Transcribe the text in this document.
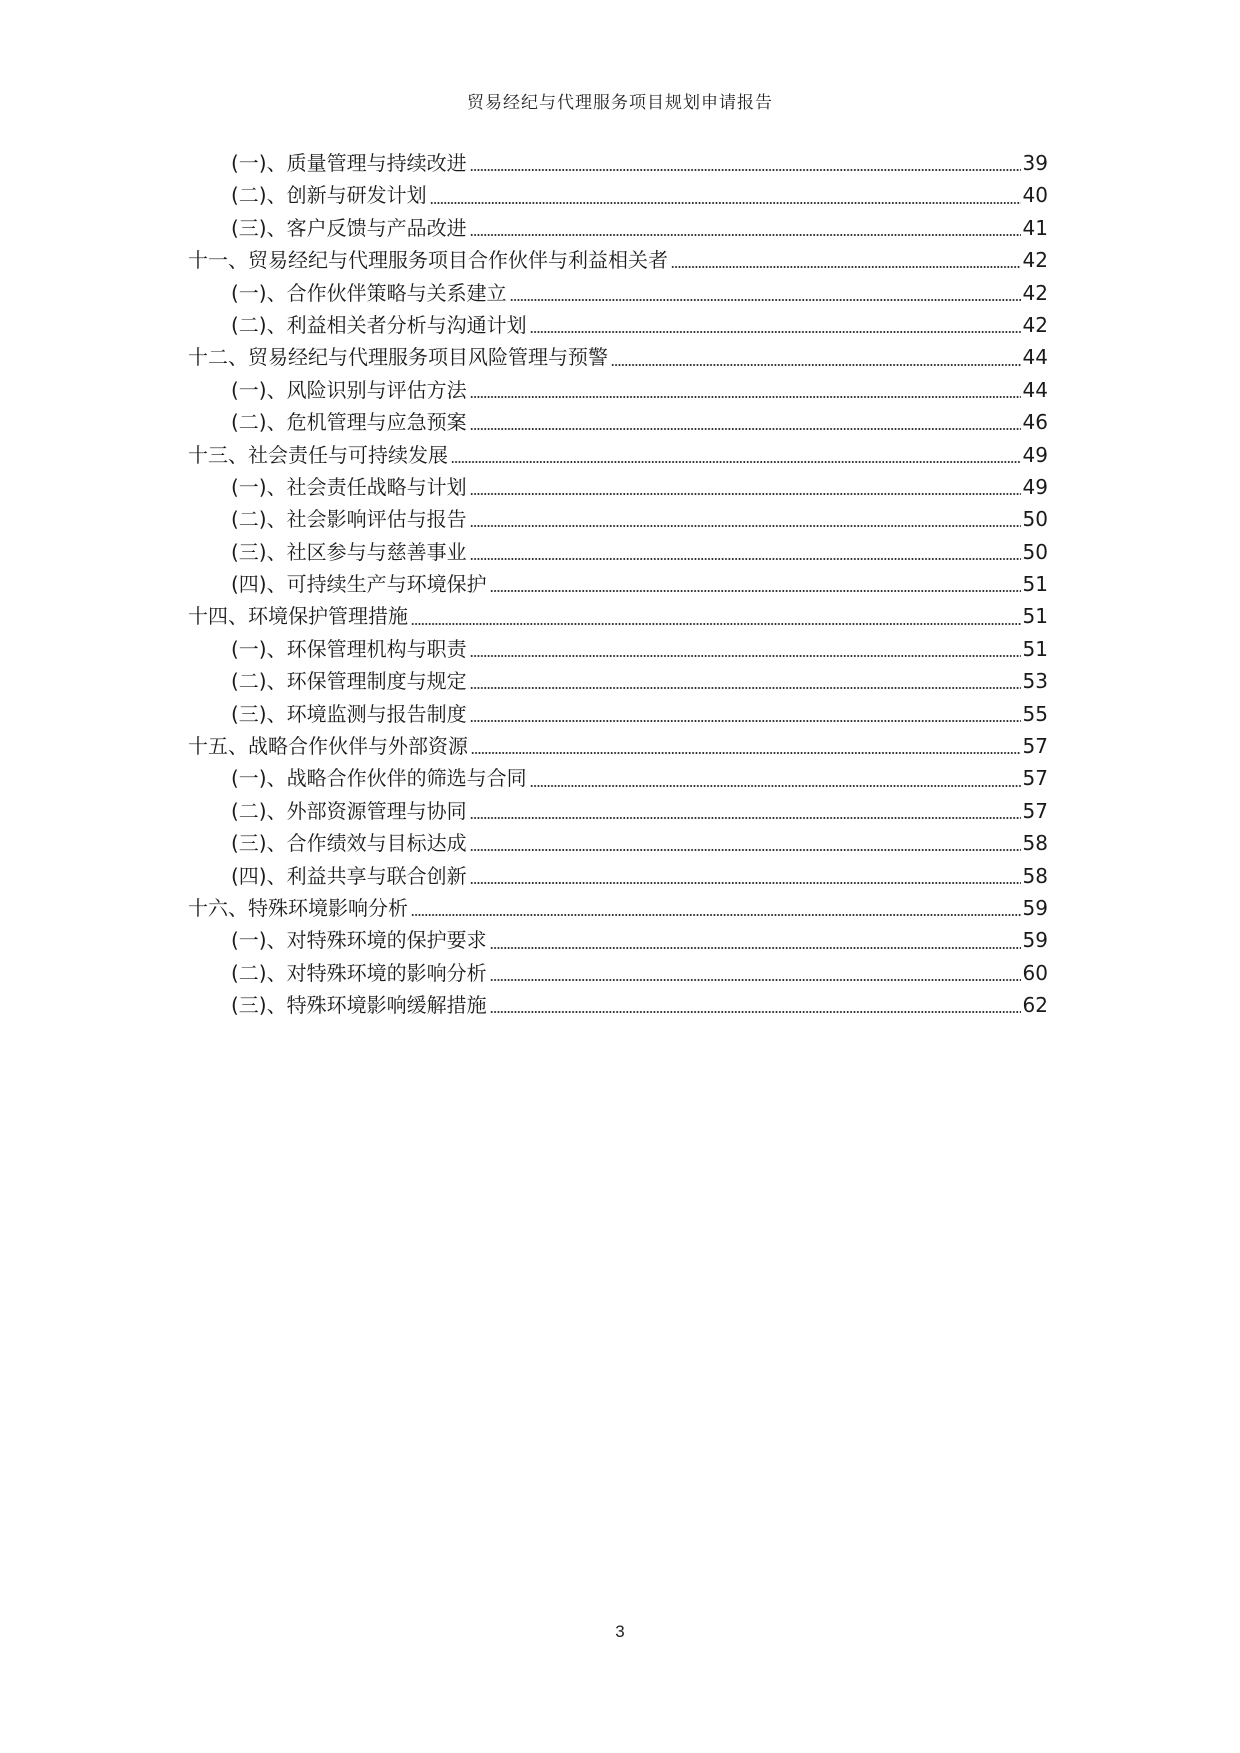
贸易经纪与代理服务项目规划申请报告
(一)、质量管理与持续改进	39
(二)、创新与研发计划	40
(三)、客户反馈与产品改进	41
十一、贸易经纪与代理服务项目合作伙伴与利益相关者	42
(一)、合作伙伴策略与关系建立	42
(二)、利益相关者分析与沟通计划	42
十二、贸易经纪与代理服务项目风险管理与预警	44
(一)、风险识别与评估方法	44
(二)、危机管理与应急预案	46
十三、社会责任与可持续发展	49
(一)、社会责任战略与计划	49
(二)、社会影响评估与报告	50
(三)、社区参与与慈善事业	50
(四)、可持续生产与环境保护	51
十四、环境保护管理措施	51
(一)、环保管理机构与职责	51
(二)、环保管理制度与规定	53
(三)、环境监测与报告制度	55
十五、战略合作伙伴与外部资源	57
(一)、战略合作伙伴的筛选与合同	57
(二)、外部资源管理与协同	57
(三)、合作绩效与目标达成	58
(四)、利益共享与联合创新	58
十六、特殊环境影响分析	59
(一)、对特殊环境的保护要求	59
(二)、对特殊环境的影响分析	60
(三)、特殊环境影响缓解措施	62
3
